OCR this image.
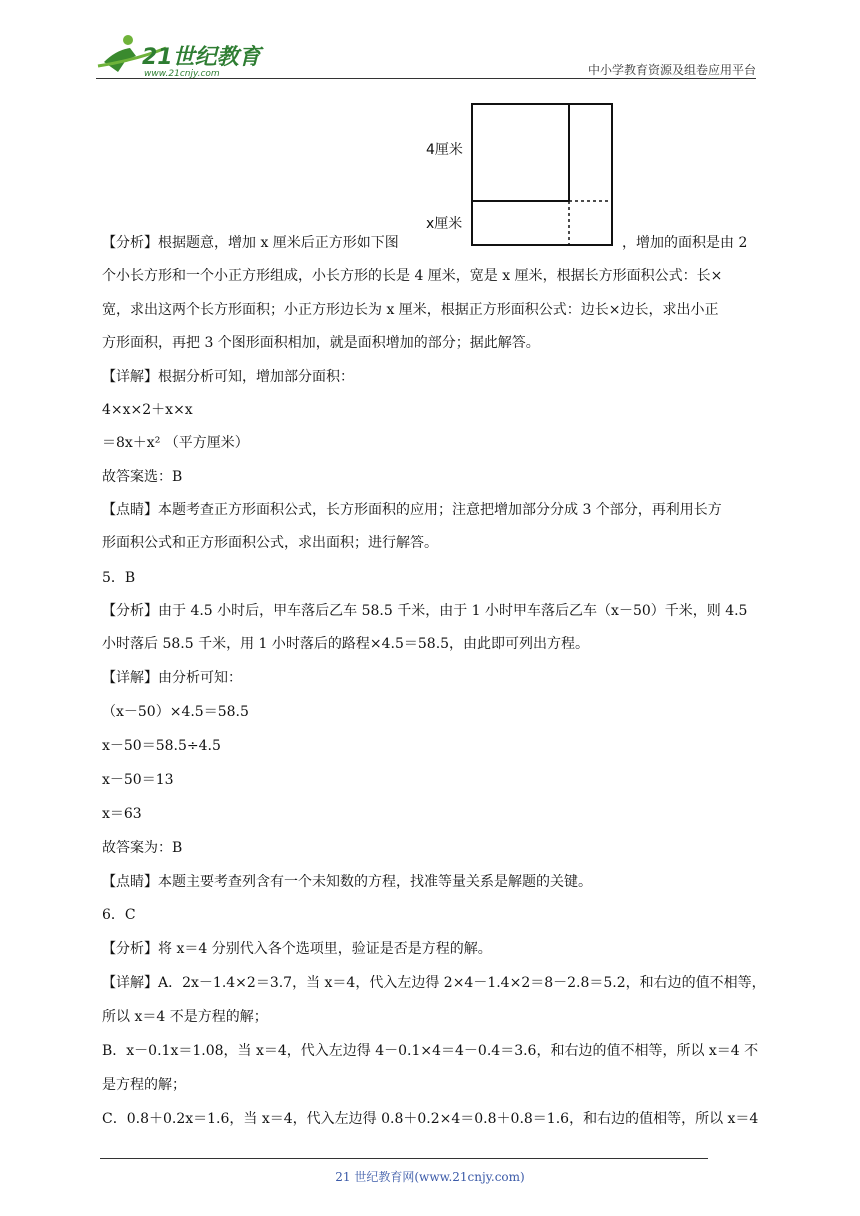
21世纪教育
www.21cnjy.com	中小学教育资源及组卷应用平台
4厘米
x厘米
【分析】根据题意，增加 x 厘米后正方形如下图	，增加的面积是由 2
个小长方形和一个小正方形组成，小长方形的长是 4 厘米，宽是 x 厘米，根据长方形面积公式：长×
宽，求出这两个长方形面积；小正方形边长为 x 厘米，根据正方形面积公式：边长×边长，求出小正
方形面积，再把 3 个图形面积相加，就是面积增加的部分；据此解答。
【详解】根据分析可知，增加部分面积：
4×x×2＋x×x
＝8x＋x² （平方厘米）
故答案选：B
【点睛】本题考查正方形面积公式，长方形面积的应用；注意把增加部分分成 3 个部分，再利用长方
形面积公式和正方形面积公式，求出面积；进行解答。
5．B
【分析】由于 4.5 小时后，甲车落后乙车 58.5 千米，由于 1 小时甲车落后乙车（x－50）千米，则 4.5
小时落后 58.5 千米，用 1 小时落后的路程×4.5＝58.5，由此即可列出方程。
【详解】由分析可知：
（x－50）×4.5＝58.5
x－50＝58.5÷4.5
x－50＝13
x＝63
故答案为：B
【点睛】本题主要考查列含有一个未知数的方程，找准等量关系是解题的关键。
6．C
【分析】将 x＝4 分别代入各个选项里，验证是否是方程的解。
【详解】A．2x－1.4×2＝3.7，当 x＝4，代入左边得 2×4－1.4×2＝8－2.8＝5.2，和右边的值不相等，
所以 x＝4 不是方程的解；
B．x－0.1x＝1.08，当 x＝4，代入左边得 4－0.1×4＝4－0.4＝3.6，和右边的值不相等，所以 x＝4 不
是方程的解；
C．0.8＋0.2x＝1.6，当 x＝4，代入左边得 0.8＋0.2×4＝0.8＋0.8＝1.6，和右边的值相等，所以 x＝4
21 世纪教育网(www.21cnjy.com)
